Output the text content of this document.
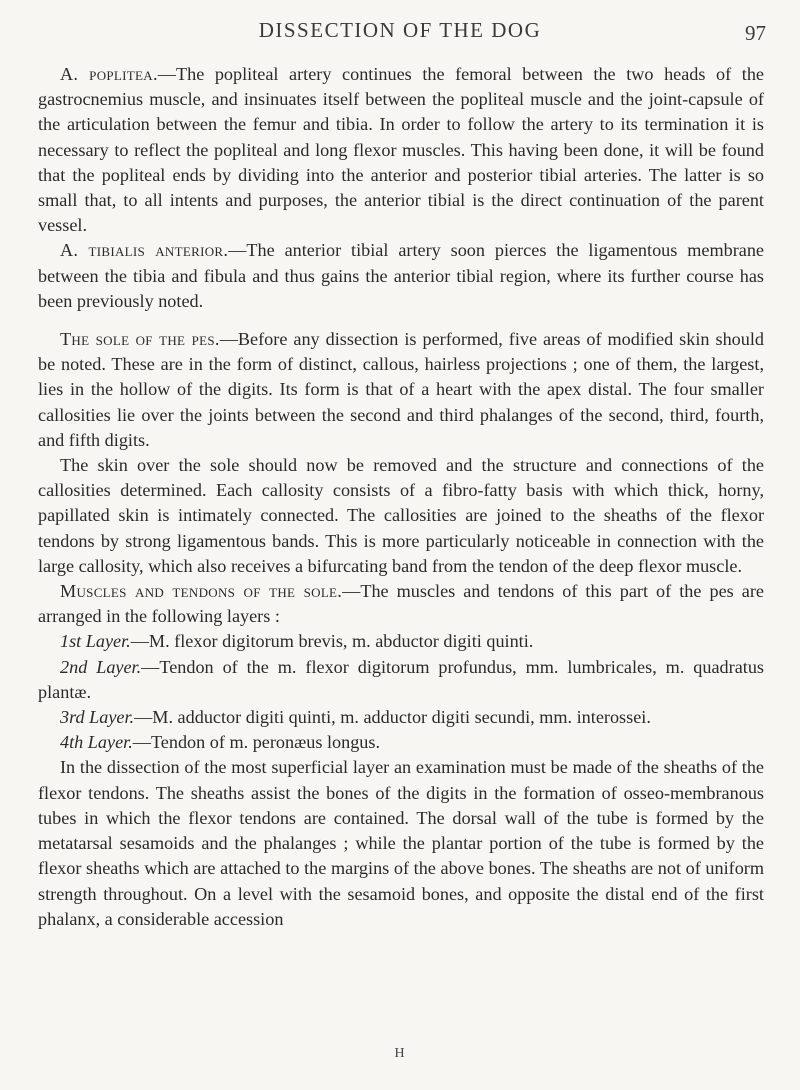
DISSECTION OF THE DOG	97

A. poplitea.—The popliteal artery continues the femoral between the two heads of the gastrocnemius muscle, and insinuates itself between the popliteal muscle and the joint-capsule of the articulation between the femur and tibia. In order to follow the artery to its termination it is necessary to reflect the popliteal and long flexor muscles. This having been done, it will be found that the popliteal ends by dividing into the anterior and posterior tibial arteries. The latter is so small that, to all intents and purposes, the anterior tibial is the direct continuation of the parent vessel.

A. tibialis anterior.—The anterior tibial artery soon pierces the ligamentous membrane between the tibia and fibula and thus gains the anterior tibial region, where its further course has been previously noted.

The sole of the pes.—Before any dissection is performed, five areas of modified skin should be noted. These are in the form of distinct, callous, hairless projections ; one of them, the largest, lies in the hollow of the digits. Its form is that of a heart with the apex distal. The four smaller callosities lie over the joints between the second and third phalanges of the second, third, fourth, and fifth digits.

The skin over the sole should now be removed and the structure and connections of the callosities determined. Each callosity consists of a fibro-fatty basis with which thick, horny, papillated skin is intimately connected. The callosities are joined to the sheaths of the flexor tendons by strong ligamentous bands. This is more particularly noticeable in connection with the large callosity, which also receives a bifurcating band from the tendon of the deep flexor muscle.

Muscles and tendons of the sole.—The muscles and tendons of this part of the pes are arranged in the following layers :

1st Layer.—M. flexor digitorum brevis, m. abductor digiti quinti.

2nd Layer.—Tendon of the m. flexor digitorum profundus, mm. lumbricales, m. quadratus plantæ.

3rd Layer.—M. adductor digiti quinti, m. adductor digiti secundi, mm. interossei.

4th Layer.—Tendon of m. peronæus longus.

In the dissection of the most superficial layer an examination must be made of the sheaths of the flexor tendons. The sheaths assist the bones of the digits in the formation of osseo-membranous tubes in which the flexor tendons are contained. The dorsal wall of the tube is formed by the metatarsal sesamoids and the phalanges ; while the plantar portion of the tube is formed by the flexor sheaths which are attached to the margins of the above bones. The sheaths are not of uniform strength throughout. On a level with the sesamoid bones, and opposite the distal end of the first phalanx, a considerable accession

H
